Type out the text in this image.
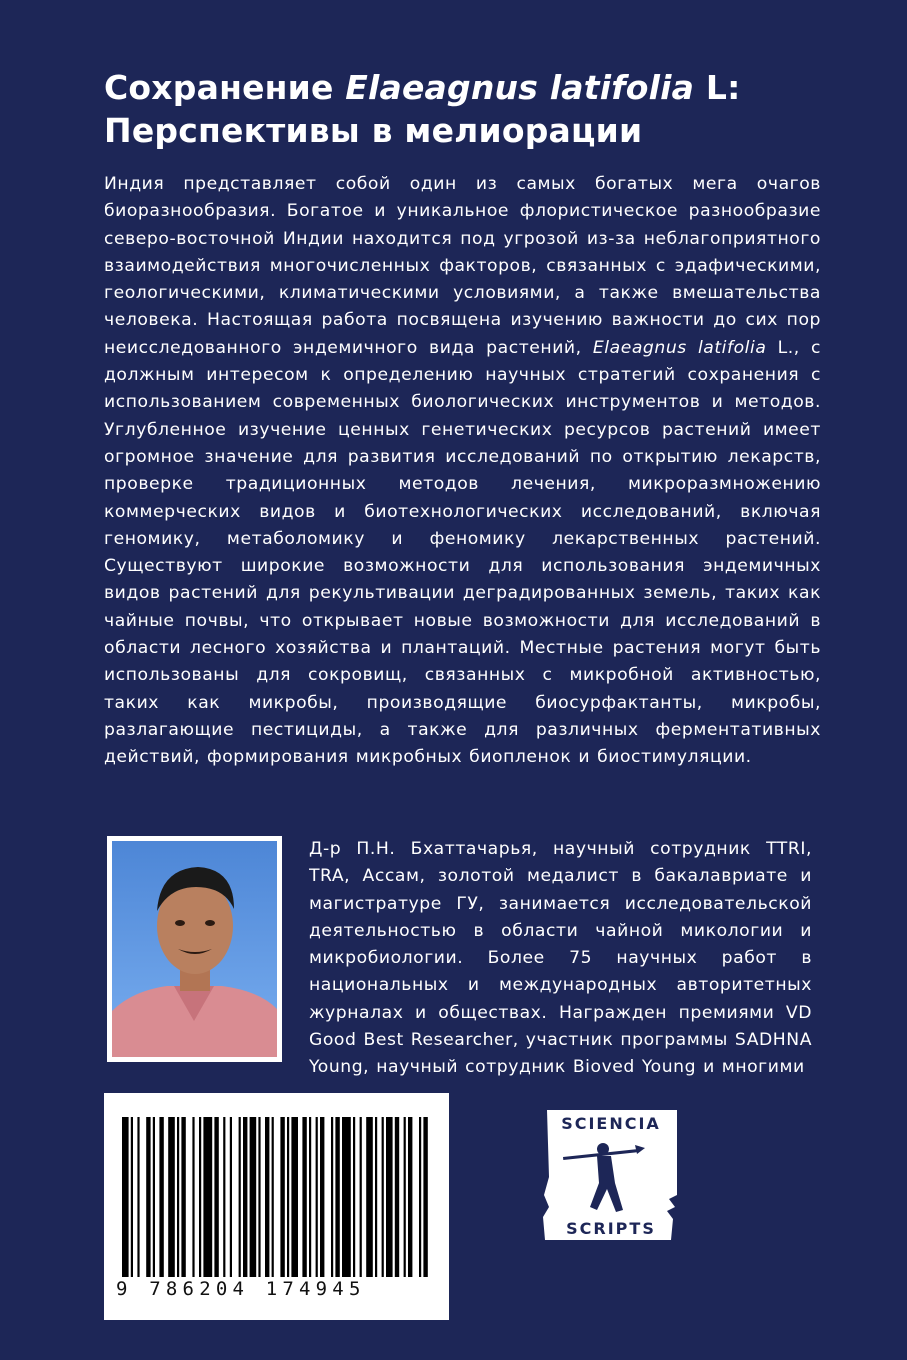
Сохранение Elaeagnus latifolia L:
Перспективы в мелиорации
Индия представляет собой один из самых богатых мега очагов биоразнообразия. Богатое и уникальное флористическое разнообразие северо-восточной Индии находится под угрозой из-за неблагоприятного взаимодействия многочисленных факторов, связанных с эдафическими, геологическими, климатическими условиями, а также вмешательства человека. Настоящая работа посвящена изучению важности до сих пор неисследованного эндемичного вида растений, Elaeagnus latifolia L., с должным интересом к определению научных стратегий сохранения с использованием современных биологических инструментов и методов. Углубленное изучение ценных генетических ресурсов растений имеет огромное значение для развития исследований по открытию лекарств, проверке традиционных методов лечения, микроразмножению коммерческих видов и биотехнологических исследований, включая геномику, метаболомику и феномику лекарственных растений. Существуют широкие возможности для использования эндемичных видов растений для рекультивации деградированных земель, таких как чайные почвы, что открывает новые возможности для исследований в области лесного хозяйства и плантаций. Местные растения могут быть использованы для сокровищ, связанных с микробной активностью, таких как микробы, производящие биосурфактанты, микробы, разлагающие пестициды, а также для различных ферментативных действий, формирования микробных биопленок и биостимуляции.
Д-р П.Н. Бхаттачарья, научный сотрудник TTRI, TRA, Ассам, золотой медалист в бакалавриате и магистратуре ГУ, занимается исследовательской деятельностью в области чайной микологии и микробиологии. Более 75 научных работ в национальных и международных авторитетных журналах и обществах. Награжден премиями VD Good Best Researcher, участник программы SADHNA Young, научный сотрудник Bioved Young и многими
9 786204 174945
SCIENCIA
SCRIPTS
